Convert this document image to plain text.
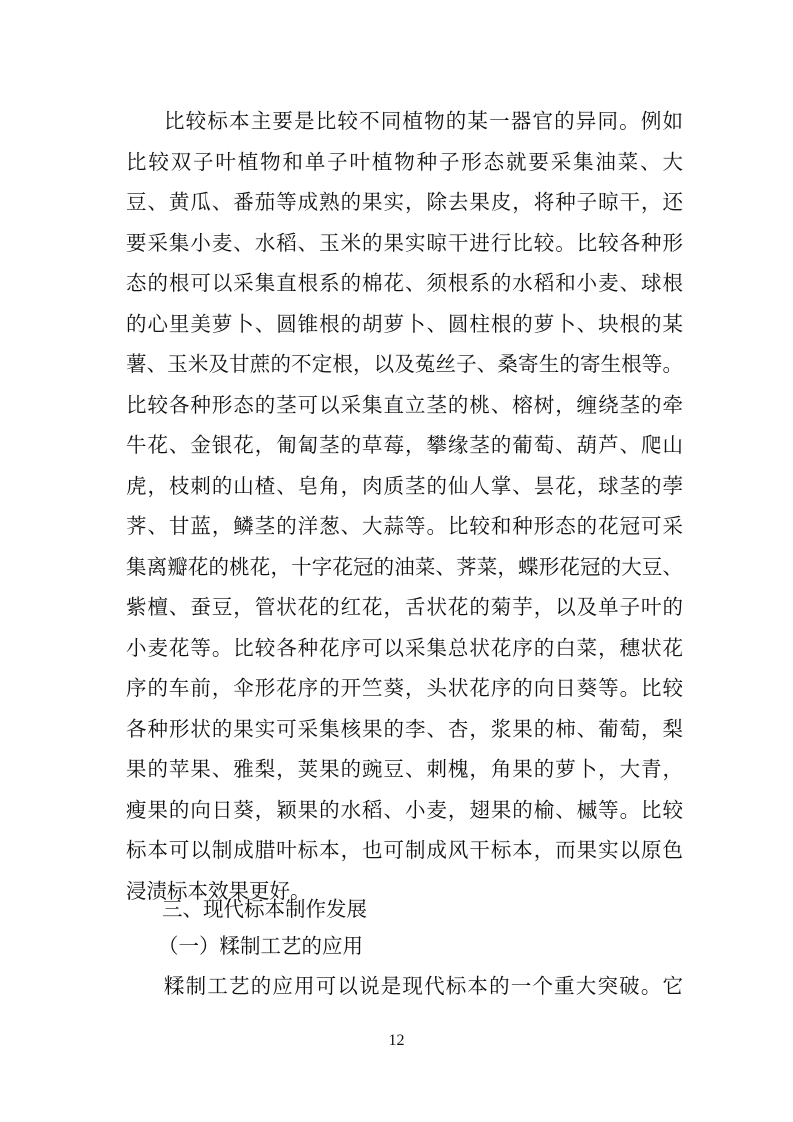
比较标本主要是比较不同植物的某一器官的异同。例如
比较双子叶植物和单子叶植物种子形态就要采集油菜、大
豆、黄瓜、番茄等成熟的果实，除去果皮，将种子晾干，还
要采集小麦、水稻、玉米的果实晾干进行比较。比较各种形
态的根可以采集直根系的棉花、须根系的水稻和小麦、球根
的心里美萝卜、圆锥根的胡萝卜、圆柱根的萝卜、块根的某
薯、玉米及甘蔗的不定根，以及菟丝子、桑寄生的寄生根等。
比较各种形态的茎可以采集直立茎的桃、榕树，缠绕茎的牵
牛花、金银花，匍匐茎的草莓，攀缘茎的葡萄、葫芦、爬山
虎，枝刺的山楂、皂角，肉质茎的仙人掌、昙花，球茎的荸
荠、甘蓝，鳞茎的洋葱、大蒜等。比较和种形态的花冠可采
集离瓣花的桃花，十字花冠的油菜、荠菜，蝶形花冠的大豆、
紫檀、蚕豆，管状花的红花，舌状花的菊芋，以及单子叶的
小麦花等。比较各种花序可以采集总状花序的白菜，穗状花
序的车前，伞形花序的开竺葵，头状花序的向日葵等。比较
各种形状的果实可采集核果的李、杏，浆果的柿、葡萄，梨
果的苹果、雅梨，荚果的豌豆、刺槐，角果的萝卜，大青，
瘦果的向日葵，颖果的水稻、小麦，翅果的榆、槭等。比较
标本可以制成腊叶标本，也可制成风干标本，而果实以原色
浸渍标本效果更好。
三、现代标本制作发展
（一）糅制工艺的应用
糅制工艺的应用可以说是现代标本的一个重大突破。它
12
